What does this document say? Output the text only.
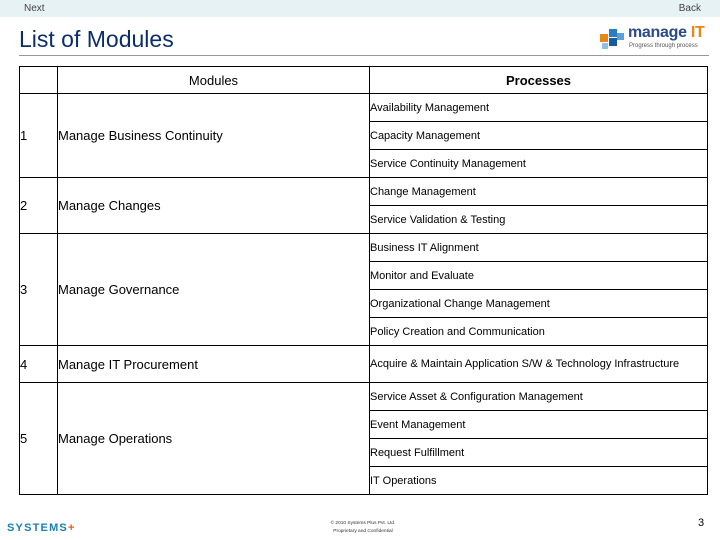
Next	Back
List of Modules	manage IT
Progress through process
	Modules	Processes
1	Manage Business Continuity	Availability Management
		Capacity Management
		Service Continuity Management
2	Manage Changes	Change Management
		Service Validation & Testing
3	Manage Governance	Business IT Alignment
		Monitor and Evaluate
		Organizational Change Management
		Policy Creation and Communication
4	Manage IT Procurement	Acquire & Maintain Application S/W & Technology Infrastructure
5	Manage Operations	Service Asset & Configuration Management
		Event Management
		Request Fulfillment
		IT Operations
SYSTEMS+	© 2010 Systems Plus Pvt. Ltd.
Proprietary and Confidential
3
